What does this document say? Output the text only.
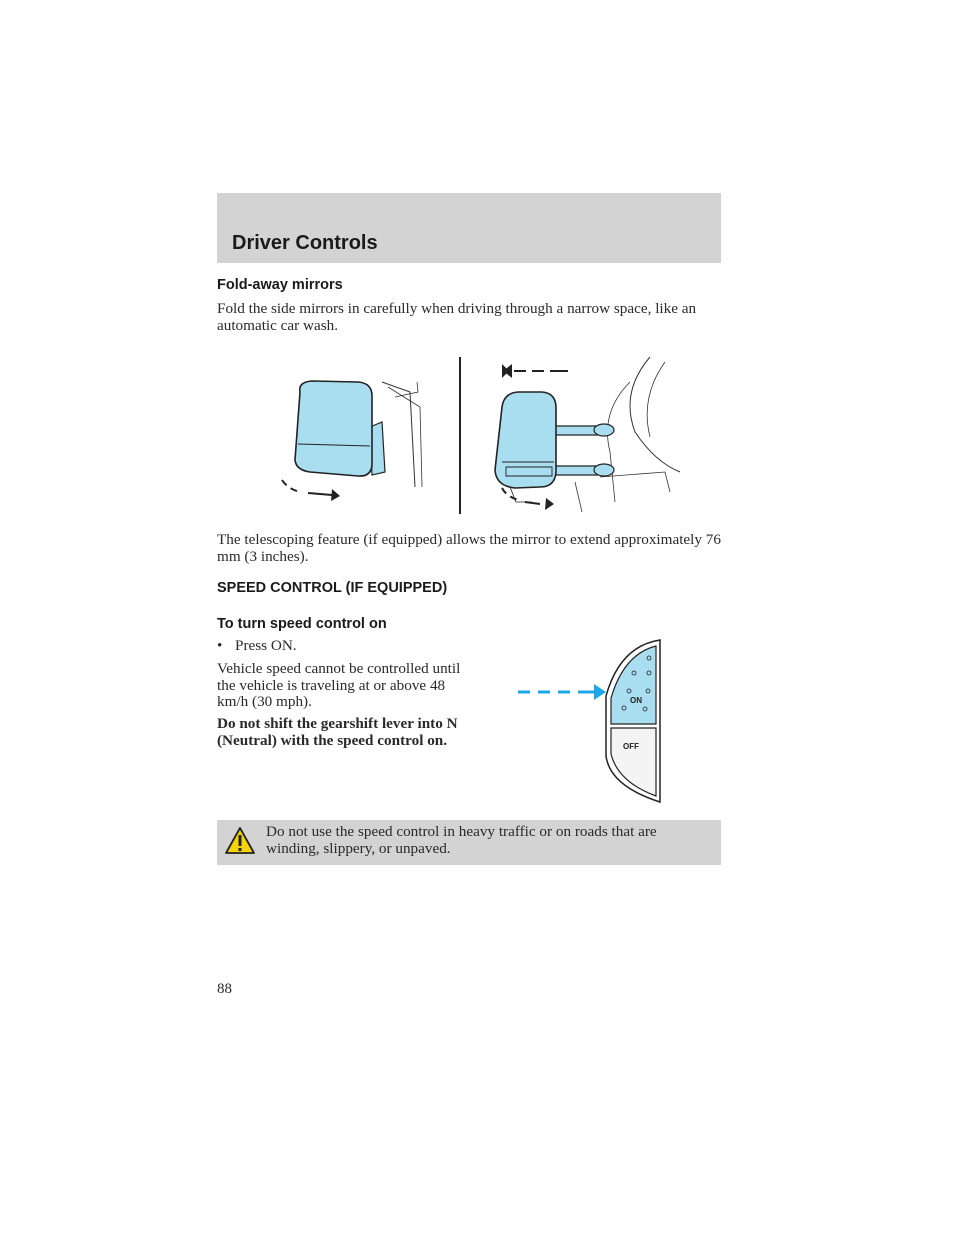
Driver Controls
Fold-away mirrors

Fold the side mirrors in carefully when driving through a narrow space, like an automatic car wash.

The telescoping feature (if equipped) allows the mirror to extend approximately 76 mm (3 inches).

SPEED CONTROL (IF EQUIPPED)
To turn speed control on

• Press ON.

Vehicle speed cannot be controlled until the vehicle is traveling at or above 48 km/h (30 mph).

Do not shift the gearshift lever into N (Neutral) with the speed control on.

ON
OFF

Do not use the speed control in heavy traffic or on roads that are winding, slippery, or unpaved.

88
